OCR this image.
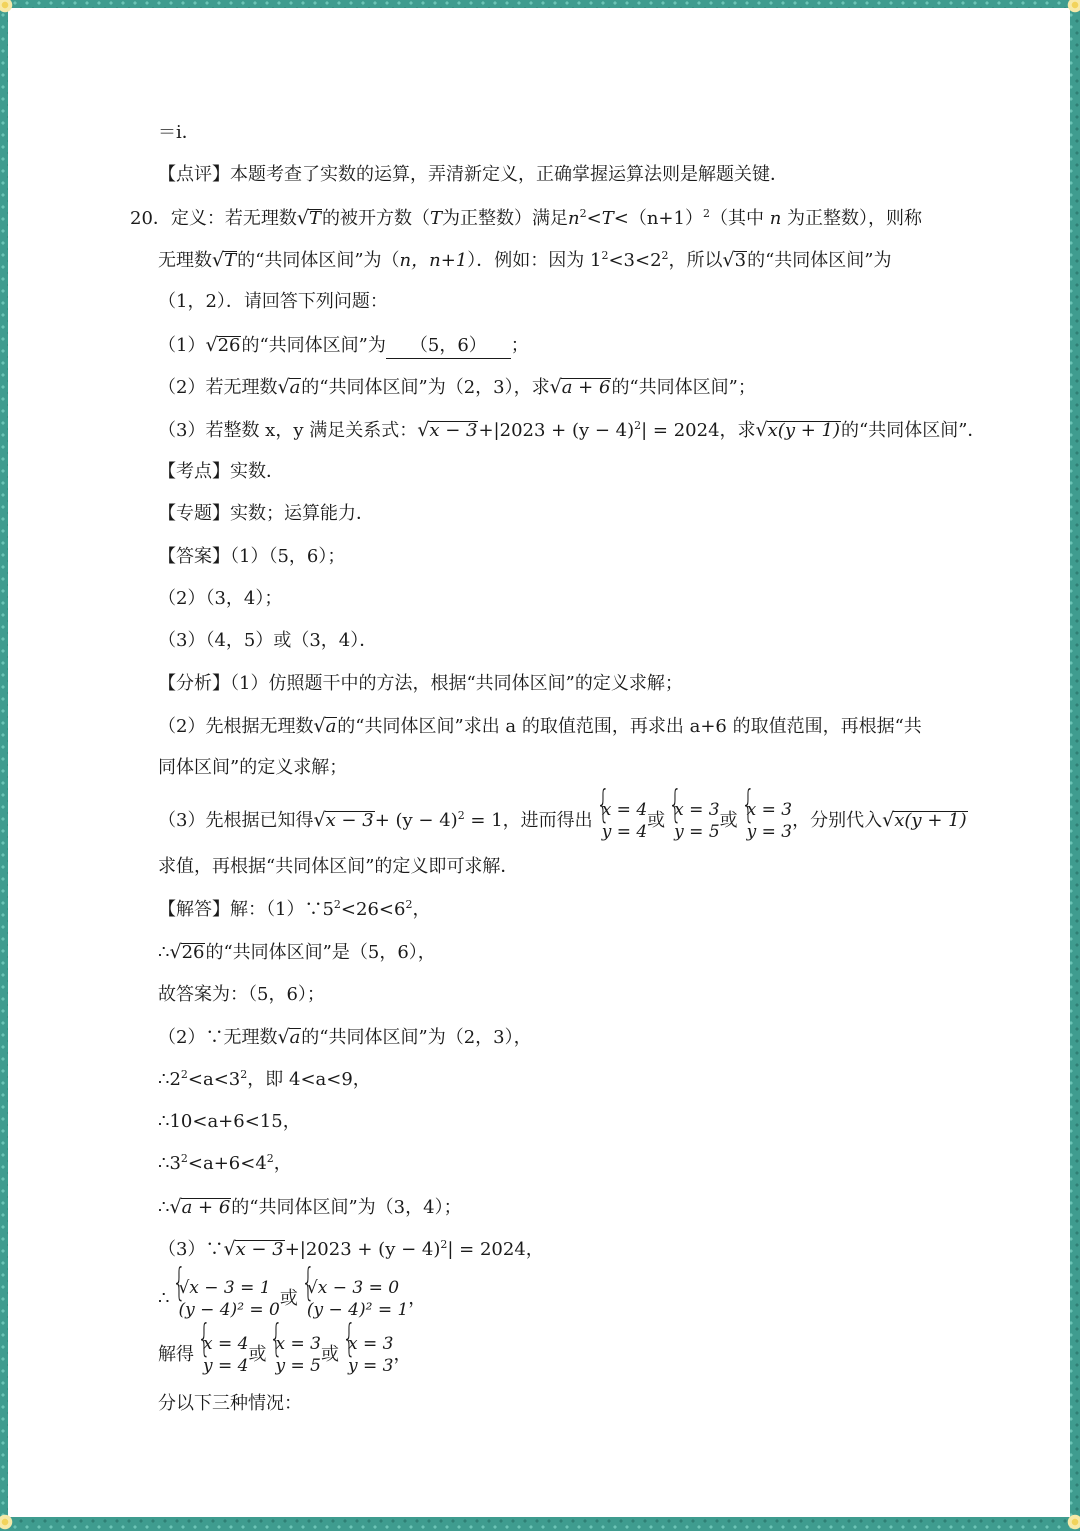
＝i．
【点评】本题考查了实数的运算，弄清新定义，正确掌握运算法则是解题关键．
20．定义：若无理数√T的被开方数（T为正整数）满足$n^2<T<(n+1)^2$（其中 n 为正整数），则称
无理数√T的“共同体区间”为（n，n+1）．例如：因为 $1^2<3<2^2$，所以√3的“共同体区间”为
（1，2）．请回答下列问题：
（1）√26的“共同体区间”为 （5，6） ；
（2）若无理数√a的“共同体区间”为（2，3），求√a + 6的“共同体区间”；
（3）若整数 x，y 满足关系式：$√x - 3+|2023 + (y - 4)^2| = 2024$，求√x(y + 1)的“共同体区间”．
【考点】实数．
【专题】实数；运算能力．
【答案】（1）（5，6）；
（2）（3，4）；
（3）（4，5）或（3，4）．
【分析】（1）仿照题干中的方法，根据“共同体区间”的定义求解；
（2）先根据无理数√a的“共同体区间”求出 a 的取值范围，再求出 a+6 的取值范围，再根据“共
同体区间”的定义求解；
（3）先根据已知得$√x - 3+ (y - 4)^2 = 1$，进而得出 { x = 4
y = 4
或 { x = 3
y = 5
或 { x = 3
y = 3
，分别代入√x(y + 1)
求值，再根据“共同体区间”的定义即可求解．
【解答】解：$(1)\because 5^2<26<6^2$，
∴√26的“共同体区间”是（5，6），
故答案为：（5，6）；
（2）∵无理数√a的“共同体区间”为（2，3），
$\therefore 2^2<a<3^2$，即 4<a<9，
∴10<a+6<15，
$\therefore 3^2<a+6<4^2$，
∴√a + 6的“共同体区间”为（3，4）；
（3）∵√x − $3+|2023 + (y - 4)^2| = 2024$，
∴ { √x − 3 = 1
(y − 4)² = 0
或 { √x − 3 = 0
(y − 4)² = 1
，
解得 { x = 4
y = 4
或 { x = 3
y = 5
或 { x = 3
y = 3
，
分以下三种情况：
